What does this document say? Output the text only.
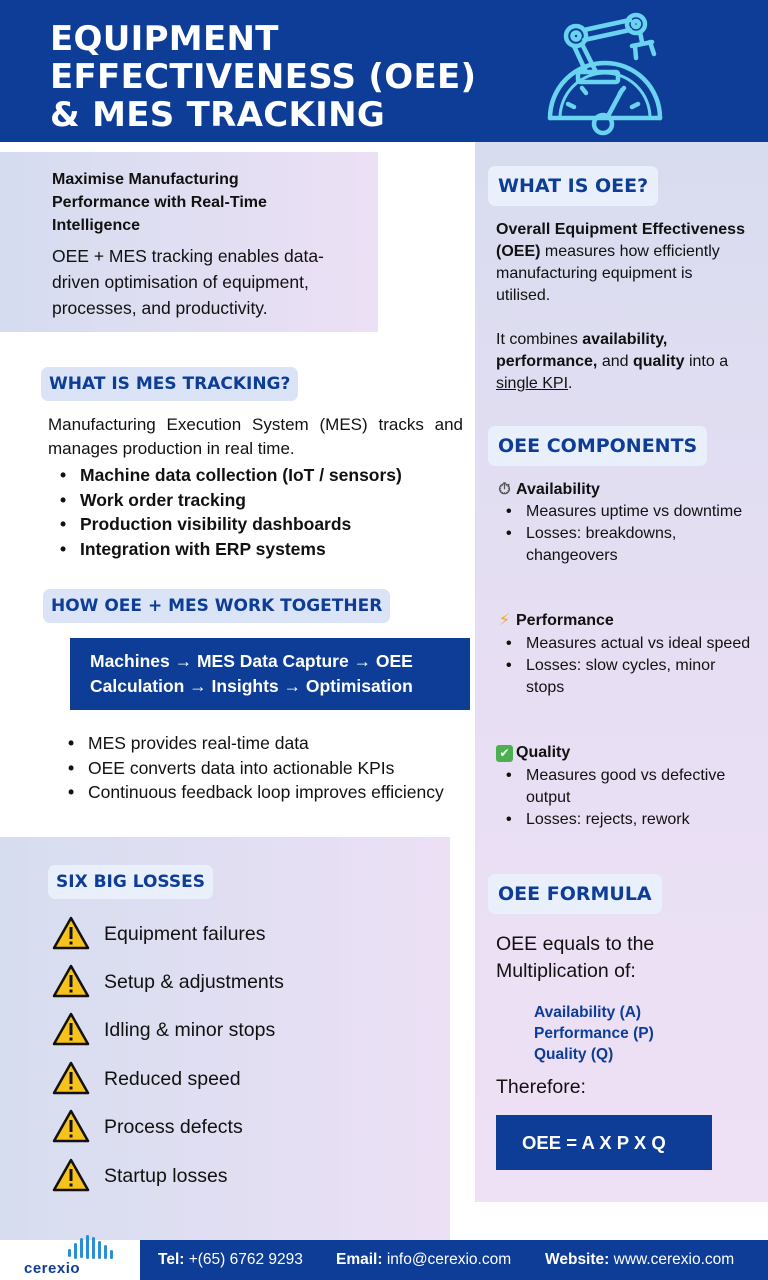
EQUIPMENT
EFFECTIVENESS (OEE)
& MES TRACKING
Maximise Manufacturing Performance with Real-Time Intelligence
OEE + MES tracking enables data-driven optimisation of equipment, processes, and productivity.
WHAT IS MES TRACKING?
Manufacturing Execution System (MES) tracks and manages production in real time.
• Machine data collection (IoT / sensors)
• Work order tracking
• Production visibility dashboards
• Integration with ERP systems
HOW OEE + MES WORK TOGETHER
Machines → MES Data Capture → OEE Calculation → Insights → Optimisation
• MES provides real-time data
• OEE converts data into actionable KPIs
• Continuous feedback loop improves efficiency
SIX BIG LOSSES
Equipment failures
Setup & adjustments
Idling & minor stops
Reduced speed
Process defects
Startup losses
WHAT IS OEE?

Overall Equipment Effectiveness (OEE) measures how efficiently manufacturing equipment is utilised.

It combines availability, performance, and quality into a single KPI.

OEE COMPONENTS
⏱ Availability
• Measures uptime vs downtime
• Losses: breakdowns, changeovers
⚡ Performance
• Measures actual vs ideal speed
• Losses: slow cycles, minor stops
✔ Quality
• Measures good vs defective output
• Losses: rejects, rework
OEE FORMULA
OEE equals to the Multiplication of:
Availability (A)
Performance (P)
Quality (Q)
Therefore:
OEE = A X P X Q
cerexio
Tel: +(65) 6762 9293 Email: info@cerexio.com Website: www.cerexio.com
